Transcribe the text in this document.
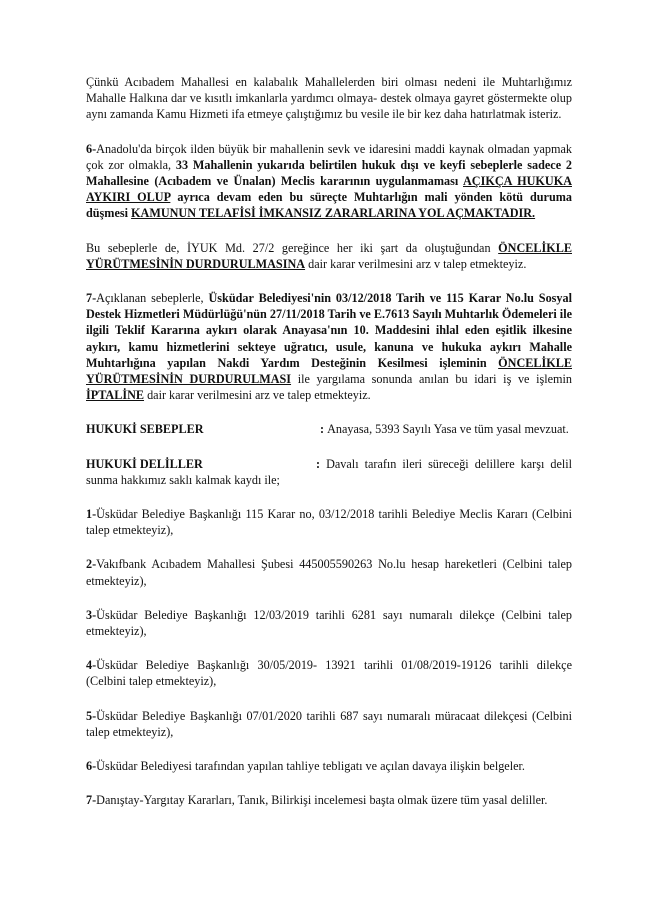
Çünkü Acıbadem Mahallesi en kalabalık Mahallelerden biri olması nedeni ile Muhtarlığımız Mahalle Halkına dar ve kısıtlı imkanlarla yardımcı olmaya- destek olmaya gayret göstermekte olup aynı zamanda Kamu Hizmeti ifa etmeye çalıştığımız bu vesile ile bir kez daha hatırlatmak isteriz.

6-Anadolu'da birçok ilden büyük bir mahallenin sevk ve idaresini maddi kaynak olmadan yapmak çok zor olmakla, 33 Mahallenin yukarıda belirtilen hukuk dışı ve keyfi sebeplerle sadece 2 Mahallesine (Acıbadem ve Ünalan) Meclis kararının uygulanmaması AÇIKÇA HUKUKA AYKIRI OLUP ayrıca devam eden bu süreçte Muhtarlığın mali yönden kötü duruma düşmesi KAMUNUN TELAFİSİ İMKANSIZ ZARARLARINA YOL AÇMAKTADIR.

Bu sebeplerle de, İYUK Md. 27/2 gereğince her iki şart da oluştuğundan ÖNCELİKLE YÜRÜTMESİNİN DURDURULMASINA dair karar verilmesini arz v talep etmekteyiz.

7-Açıklanan sebeplerle, Üsküdar Belediyesi'nin 03/12/2018 Tarih ve 115 Karar No.lu Sosyal Destek Hizmetleri Müdürlüğü'nün 27/11/2018 Tarih ve E.7613 Sayılı Muhtarlık Ödemeleri ile ilgili Teklif Kararına aykırı olarak Anayasa'nın 10. Maddesini ihlal eden eşitlik ilkesine aykırı, kamu hizmetlerini sekteye uğratıcı, usule, kanuna ve hukuka aykırı Mahalle Muhtarlığına yapılan Nakdi Yardım Desteğinin Kesilmesi işleminin ÖNCELİKLE YÜRÜTMESİNİN DURDURULMASI ile yargılama sonunda anılan bu idari iş ve işlemin İPTALİNE dair karar verilmesini arz ve talep etmekteyiz.

HUKUKİ SEBEPLER	: Anayasa, 5393 Sayılı Yasa ve tüm yasal mevzuat.

HUKUKİ DELİLLER	: Davalı tarafın ileri süreceği delillere karşı delil sunma hakkımız saklı kalmak kaydı ile;

1-Üsküdar Belediye Başkanlığı 115 Karar no, 03/12/2018 tarihli Belediye Meclis Kararı (Celbini talep etmekteyiz),

2-Vakıfbank Acıbadem Mahallesi Şubesi 445005590263 No.lu hesap hareketleri (Celbini talep etmekteyiz),

3-Üsküdar Belediye Başkanlığı 12/03/2019 tarihli 6281 sayı numaralı dilekçe (Celbini talep etmekteyiz),

4-Üsküdar Belediye Başkanlığı 30/05/2019- 13921 tarihli 01/08/2019-19126 tarihli dilekçe (Celbini talep etmekteyiz),

5-Üsküdar Belediye Başkanlığı 07/01/2020 tarihli 687 sayı numaralı müracaat dilekçesi (Celbini talep etmekteyiz),

6-Üsküdar Belediyesi tarafından yapılan tahliye tebligatı ve açılan davaya ilişkin belgeler.

7-Danıştay-Yargıtay Kararları, Tanık, Bilirkişi incelemesi başta olmak üzere tüm yasal deliller.
